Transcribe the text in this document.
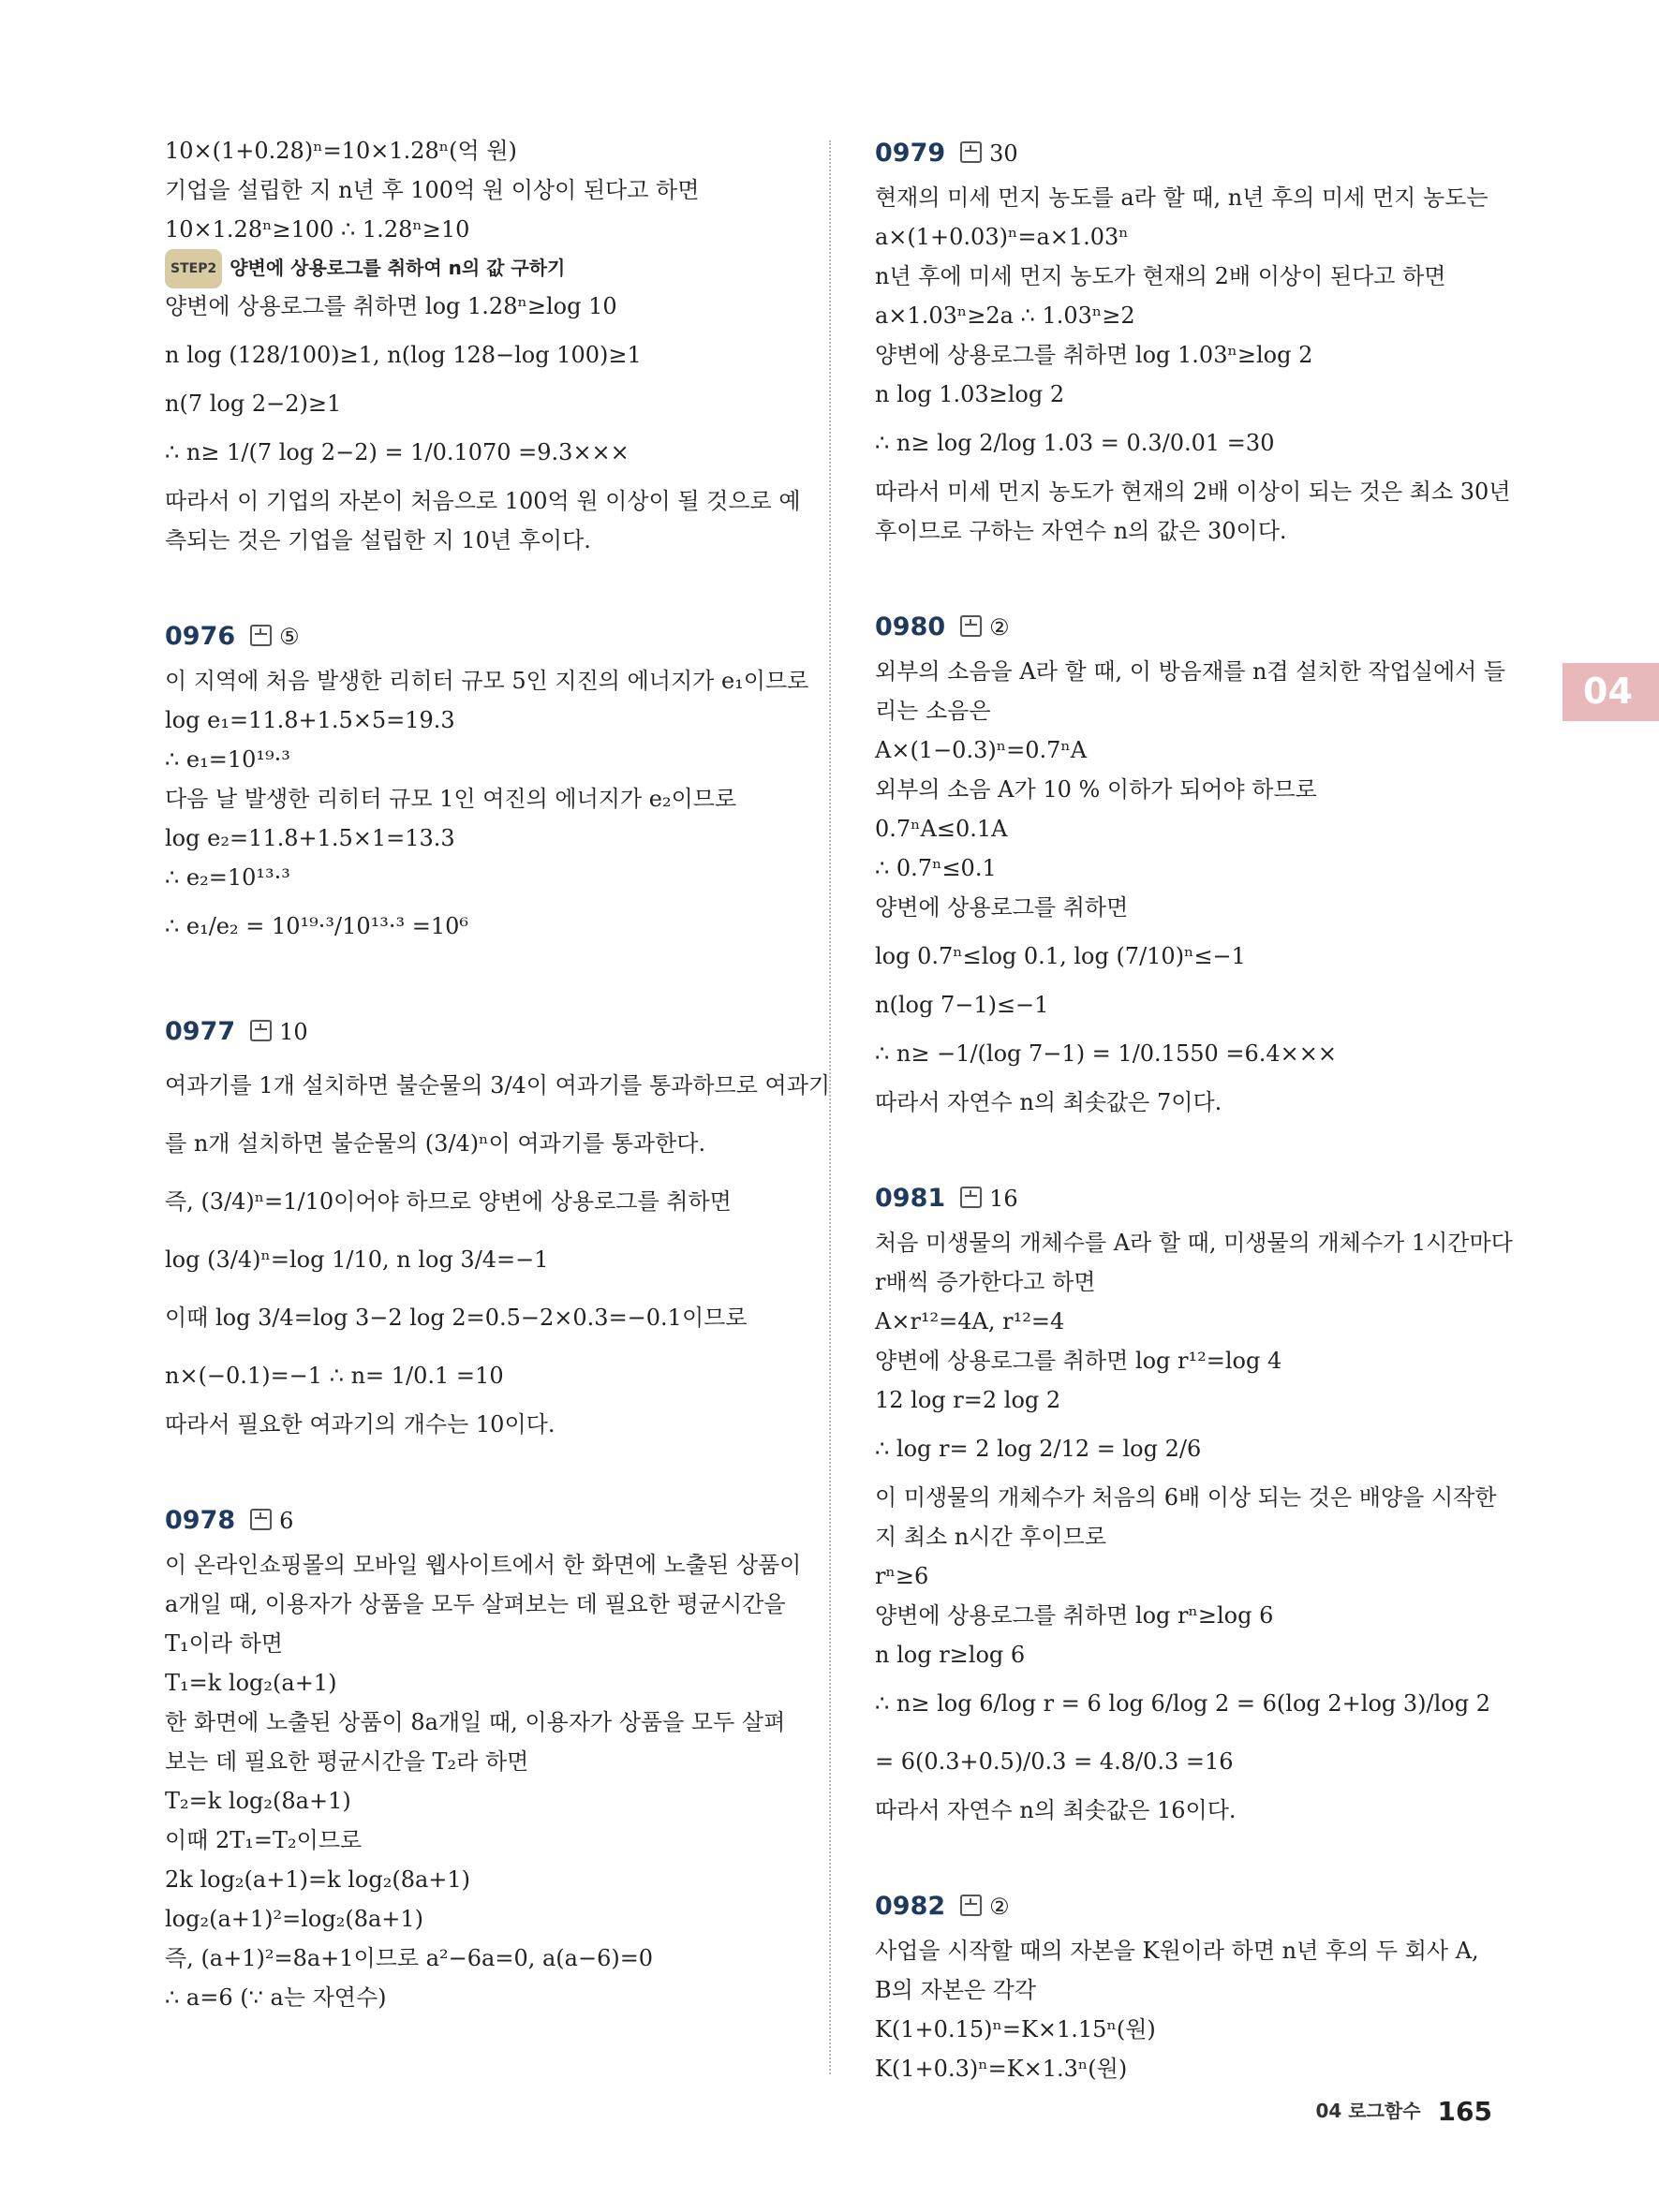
04
10×(1+0.28)ⁿ=10×1.28ⁿ(억 원)
기업을 설립한 지 n년 후 100억 원 이상이 된다고 하면
10×1.28ⁿ≥100 ∴ 1.28ⁿ≥10
STEP2 양변에 상용로그를 취하여 n의 값 구하기
양변에 상용로그를 취하면 log 1.28ⁿ≥log 10
n log (128/100)≥1, n(log 128−log 100)≥1
n(7 log 2−2)≥1
∴ n≥ 1/(7 log 2−2) = 1/0.1070 =9.3×××
따라서 이 기업의 자본이 처음으로 100억 원 이상이 될 것으로 예
측되는 것은 기업을 설립한 지 10년 후이다.
0976 ⑤
이 지역에 처음 발생한 리히터 규모 5인 지진의 에너지가 e₁이므로
log e₁=11.8+1.5×5=19.3
∴ e₁=10¹⁹·³
다음 날 발생한 리히터 규모 1인 여진의 에너지가 e₂이므로
log e₂=11.8+1.5×1=13.3
∴ e₂=10¹³·³
∴ e₁/e₂ = 10¹⁹·³/10¹³·³ =10⁶
0977 10
여과기를 1개 설치하면 불순물의 3/4이 여과기를 통과하므로 여과기
를 n개 설치하면 불순물의 (3/4)ⁿ이 여과기를 통과한다.
즉, (3/4)ⁿ=1/10이어야 하므로 양변에 상용로그를 취하면
log (3/4)ⁿ=log 1/10, n log 3/4=−1
이때 log 3/4=log 3−2 log 2=0.5−2×0.3=−0.1이므로
n×(−0.1)=−1 ∴ n= 1/0.1 =10
따라서 필요한 여과기의 개수는 10이다.
0978 6
이 온라인쇼핑몰의 모바일 웹사이트에서 한 화면에 노출된 상품이
a개일 때, 이용자가 상품을 모두 살펴보는 데 필요한 평균시간을
T₁이라 하면
T₁=k log₂(a+1)
한 화면에 노출된 상품이 8a개일 때, 이용자가 상품을 모두 살펴
보는 데 필요한 평균시간을 T₂라 하면
T₂=k log₂(8a+1)
이때 2T₁=T₂이므로
2k log₂(a+1)=k log₂(8a+1)
log₂(a+1)²=log₂(8a+1)
즉, (a+1)²=8a+1이므로 a²−6a=0, a(a−6)=0
∴ a=6 (∵ a는 자연수)
0979 30
현재의 미세 먼지 농도를 a라 할 때, n년 후의 미세 먼지 농도는
a×(1+0.03)ⁿ=a×1.03ⁿ
n년 후에 미세 먼지 농도가 현재의 2배 이상이 된다고 하면
a×1.03ⁿ≥2a ∴ 1.03ⁿ≥2
양변에 상용로그를 취하면 log 1.03ⁿ≥log 2
n log 1.03≥log 2
∴ n≥ log 2/log 1.03 = 0.3/0.01 =30
따라서 미세 먼지 농도가 현재의 2배 이상이 되는 것은 최소 30년
후이므로 구하는 자연수 n의 값은 30이다.
0980 ②
외부의 소음을 A라 할 때, 이 방음재를 n겹 설치한 작업실에서 들
리는 소음은
A×(1−0.3)ⁿ=0.7ⁿA
외부의 소음 A가 10 % 이하가 되어야 하므로
0.7ⁿA≤0.1A
∴ 0.7ⁿ≤0.1
양변에 상용로그를 취하면
log 0.7ⁿ≤log 0.1, log (7/10)ⁿ≤−1
n(log 7−1)≤−1
∴ n≥ −1/(log 7−1) = 1/0.1550 =6.4×××
따라서 자연수 n의 최솟값은 7이다.
0981 16
처음 미생물의 개체수를 A라 할 때, 미생물의 개체수가 1시간마다
r배씩 증가한다고 하면
A×r¹²=4A, r¹²=4
양변에 상용로그를 취하면 log r¹²=log 4
12 log r=2 log 2
∴ log r= 2 log 2/12 = log 2/6
이 미생물의 개체수가 처음의 6배 이상 되는 것은 배양을 시작한
지 최소 n시간 후이므로
rⁿ≥6
양변에 상용로그를 취하면 log rⁿ≥log 6
n log r≥log 6
∴ n≥ log 6/log r = 6 log 6/log 2 = 6(log 2+log 3)/log 2
= 6(0.3+0.5)/0.3 = 4.8/0.3 =16
따라서 자연수 n의 최솟값은 16이다.
0982 ②
사업을 시작할 때의 자본을 K원이라 하면 n년 후의 두 회사 A,
B의 자본은 각각
K(1+0.15)ⁿ=K×1.15ⁿ(원)
K(1+0.3)ⁿ=K×1.3ⁿ(원)
04 로그함수 165
